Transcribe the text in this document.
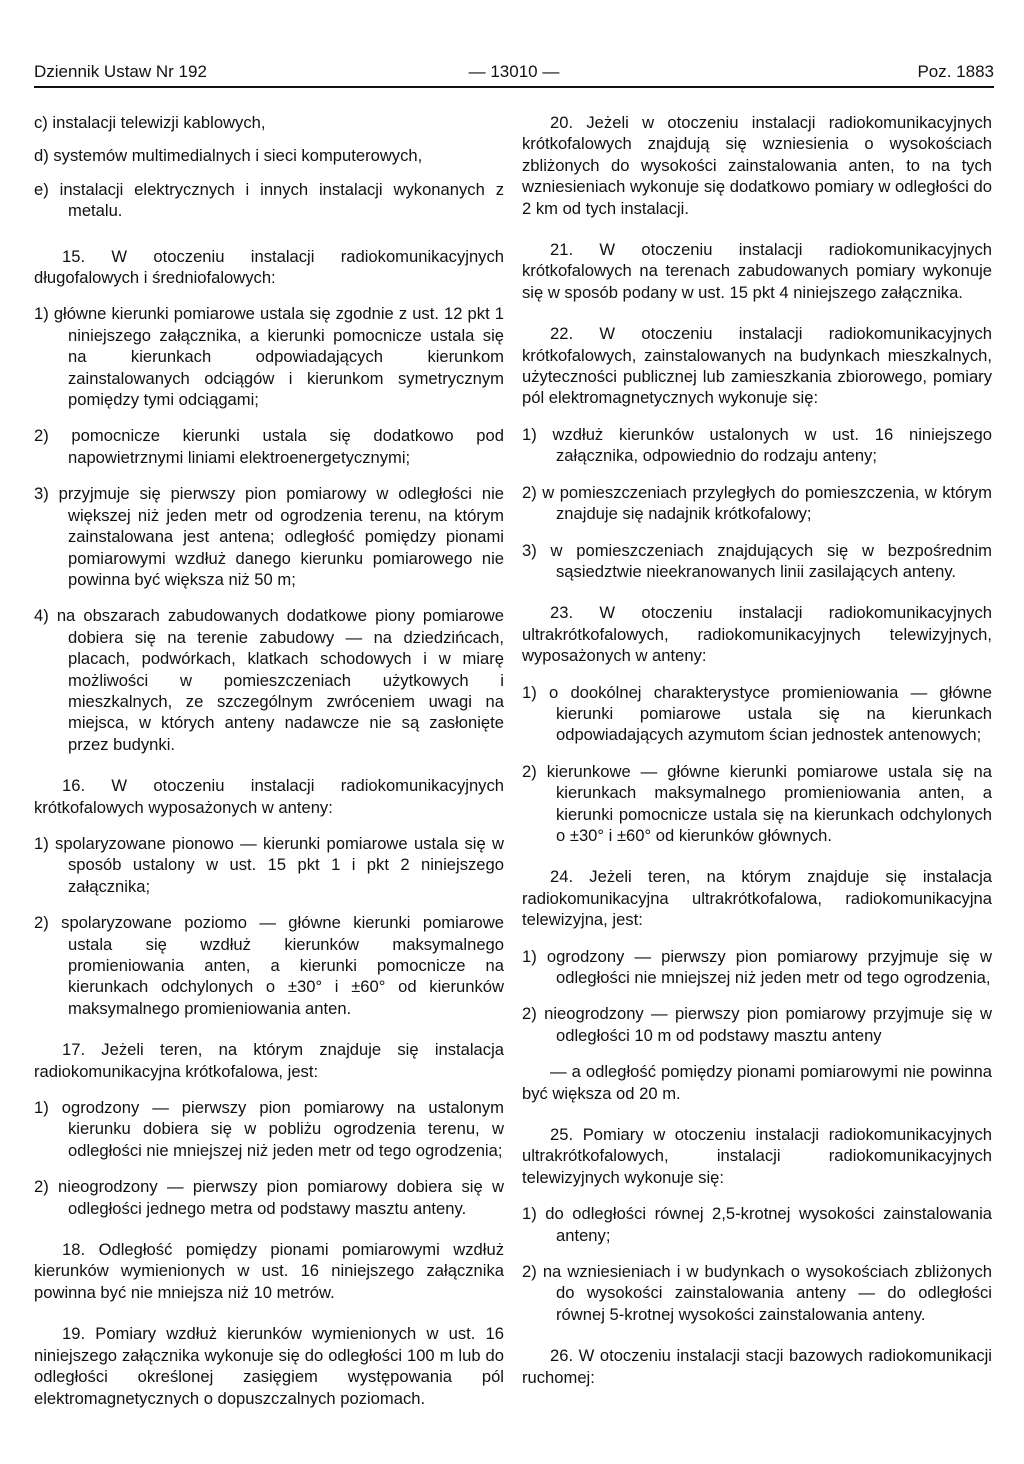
Dziennik Ustaw Nr 192	— 13010 —	Poz. 1883

c) instalacji telewizji kablowych,

d) systemów multimedialnych i sieci komputerowych,

e) instalacji elektrycznych i innych instalacji wykonanych z metalu.

15. W otoczeniu instalacji radiokomunikacyjnych długofalowych i średniofalowych:

1) główne kierunki pomiarowe ustala się zgodnie z ust. 12 pkt 1 niniejszego załącznika, a kierunki pomocnicze ustala się na kierunkach odpowiadających kierunkom zainstalowanych odciągów i kierunkom symetrycznym pomiędzy tymi odciągami;

2) pomocnicze kierunki ustala się dodatkowo pod napowietrznymi liniami elektroenergetycznymi;

3) przyjmuje się pierwszy pion pomiarowy w odległości nie większej niż jeden metr od ogrodzenia terenu, na którym zainstalowana jest antena; odległość pomiędzy pionami pomiarowymi wzdłuż danego kierunku pomiarowego nie powinna być większa niż 50 m;

4) na obszarach zabudowanych dodatkowe piony pomiarowe dobiera się na terenie zabudowy — na dziedzińcach, placach, podwórkach, klatkach schodowych i w miarę możliwości w pomieszczeniach użytkowych i mieszkalnych, ze szczególnym zwróceniem uwagi na miejsca, w których anteny nadawcze nie są zasłonięte przez budynki.

16. W otoczeniu instalacji radiokomunikacyjnych krótkofalowych wyposażonych w anteny:

1) spolaryzowane pionowo — kierunki pomiarowe ustala się w sposób ustalony w ust. 15 pkt 1 i pkt 2 niniejszego załącznika;

2) spolaryzowane poziomo — główne kierunki pomiarowe ustala się wzdłuż kierunków maksymalnego promieniowania anten, a kierunki pomocnicze na kierunkach odchylonych o ±30° i ±60° od kierunków maksymalnego promieniowania anten.

17. Jeżeli teren, na którym znajduje się instalacja radiokomunikacyjna krótkofalowa, jest:

1) ogrodzony — pierwszy pion pomiarowy na ustalonym kierunku dobiera się w pobliżu ogrodzenia terenu, w odległości nie mniejszej niż jeden metr od tego ogrodzenia;

2) nieogrodzony — pierwszy pion pomiarowy dobiera się w odległości jednego metra od podstawy masztu anteny.

18. Odległość pomiędzy pionami pomiarowymi wzdłuż kierunków wymienionych w ust. 16 niniejszego załącznika powinna być nie mniejsza niż 10 metrów.

19. Pomiary wzdłuż kierunków wymienionych w ust. 16 niniejszego załącznika wykonuje się do odległości 100 m lub do odległości określonej zasięgiem występowania pól elektromagnetycznych o dopuszczalnych poziomach.

20. Jeżeli w otoczeniu instalacji radiokomunikacyjnych krótkofalowych znajdują się wzniesienia o wysokościach zbliżonych do wysokości zainstalowania anten, to na tych wzniesieniach wykonuje się dodatkowo pomiary w odległości do 2 km od tych instalacji.

21. W otoczeniu instalacji radiokomunikacyjnych krótkofalowych na terenach zabudowanych pomiary wykonuje się w sposób podany w ust. 15 pkt 4 niniejszego załącznika.

22. W otoczeniu instalacji radiokomunikacyjnych krótkofalowych, zainstalowanych na budynkach mieszkalnych, użyteczności publicznej lub zamieszkania zbiorowego, pomiary pól elektromagnetycznych wykonuje się:

1) wzdłuż kierunków ustalonych w ust. 16 niniejszego załącznika, odpowiednio do rodzaju anteny;

2) w pomieszczeniach przyległych do pomieszczenia, w którym znajduje się nadajnik krótkofalowy;

3) w pomieszczeniach znajdujących się w bezpośrednim sąsiedztwie nieekranowanych linii zasilających anteny.

23. W otoczeniu instalacji radiokomunikacyjnych ultrakrótkofalowych, radiokomunikacyjnych telewizyjnych, wyposażonych w anteny:

1) o dookólnej charakterystyce promieniowania — główne kierunki pomiarowe ustala się na kierunkach odpowiadających azymutom ścian jednostek antenowych;

2) kierunkowe — główne kierunki pomiarowe ustala się na kierunkach maksymalnego promieniowania anten, a kierunki pomocnicze ustala się na kierunkach odchylonych o ±30° i ±60° od kierunków głównych.

24. Jeżeli teren, na którym znajduje się instalacja radiokomunikacyjna ultrakrótkofalowa, radiokomunikacyjna telewizyjna, jest:

1) ogrodzony — pierwszy pion pomiarowy przyjmuje się w odległości nie mniejszej niż jeden metr od tego ogrodzenia,

2) nieogrodzony — pierwszy pion pomiarowy przyjmuje się w odległości 10 m od podstawy masztu anteny

— a odległość pomiędzy pionami pomiarowymi nie powinna być większa od 20 m.

25. Pomiary w otoczeniu instalacji radiokomunikacyjnych ultrakrótkofalowych, instalacji radiokomunikacyjnych telewizyjnych wykonuje się:

1) do odległości równej 2,5-krotnej wysokości zainstalowania anteny;

2) na wzniesieniach i w budynkach o wysokościach zbliżonych do wysokości zainstalowania anteny — do odległości równej 5-krotnej wysokości zainstalowania anteny.

26. W otoczeniu instalacji stacji bazowych radiokomunikacji ruchomej:
